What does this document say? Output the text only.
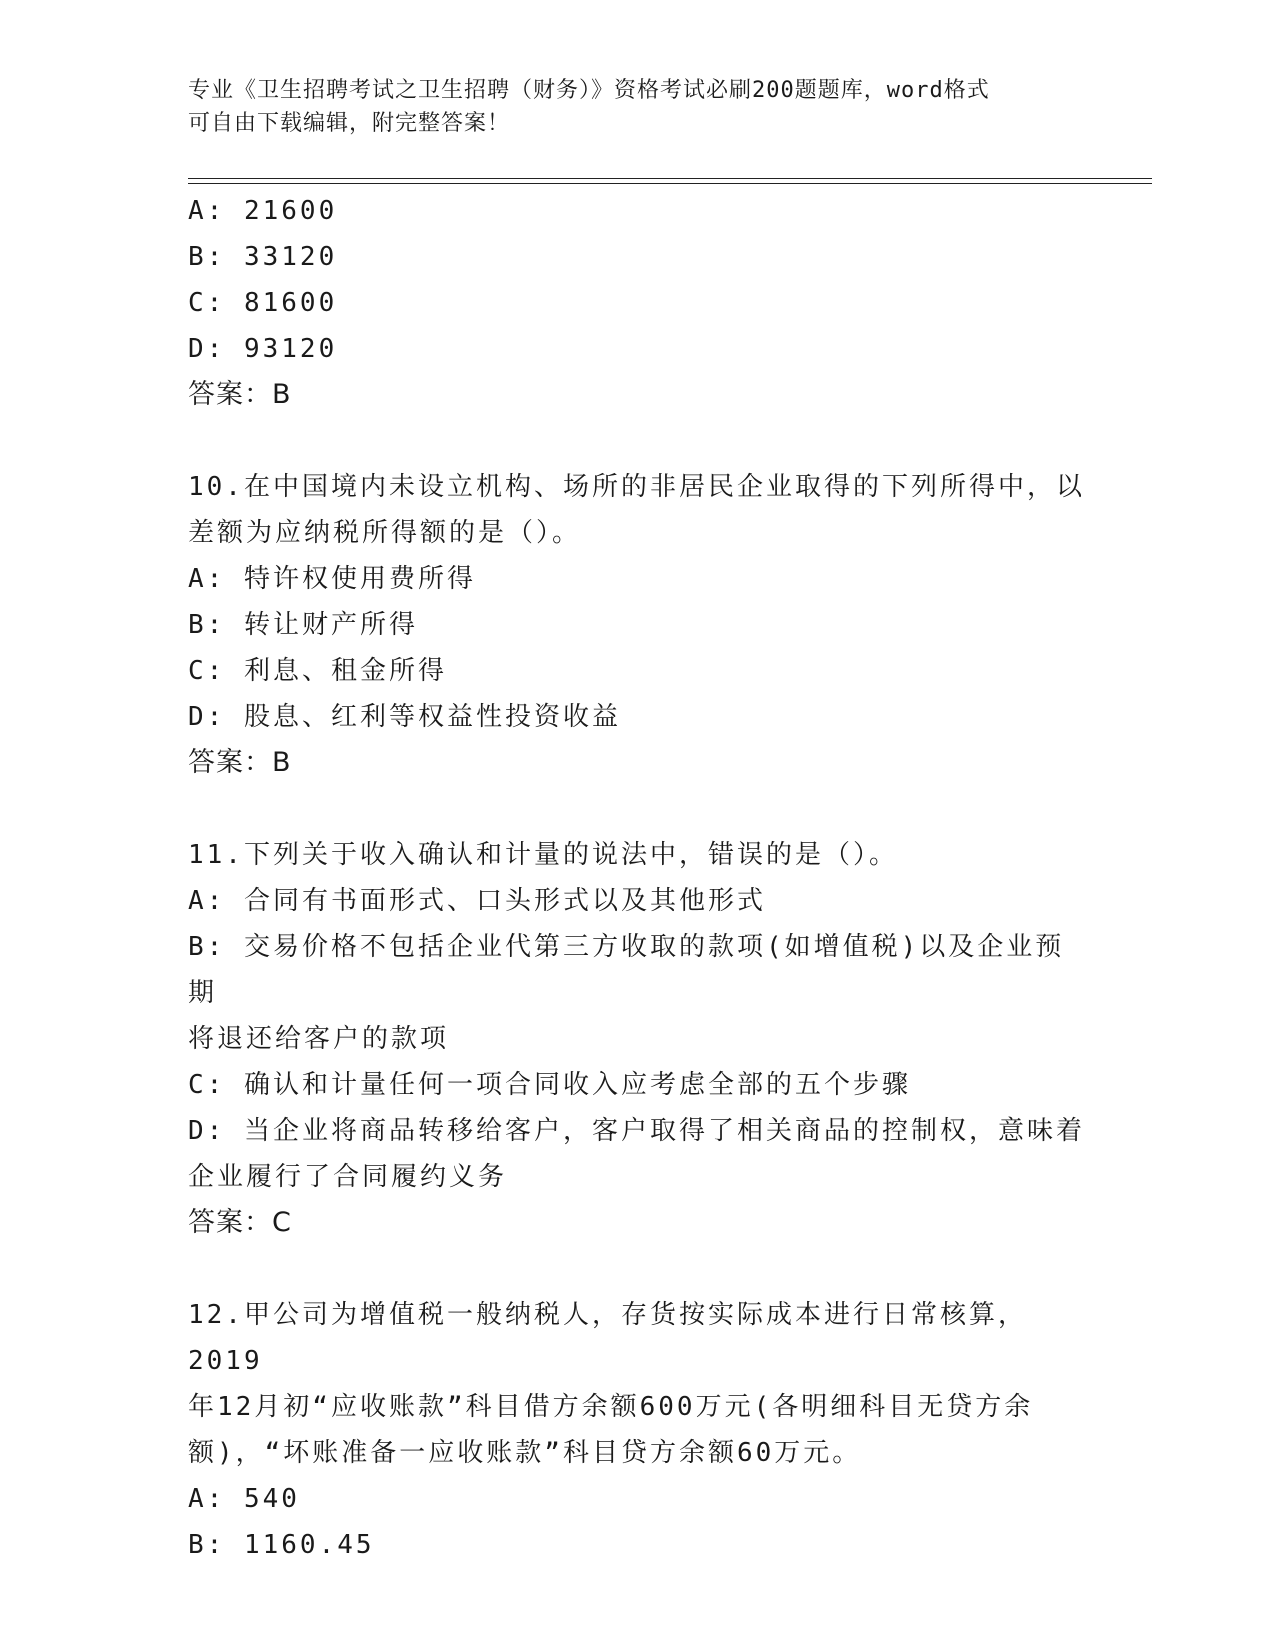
专业《卫生招聘考试之卫生招聘（财务）》资格考试必刷200题题库，word格式
可自由下载编辑，附完整答案！
A: 21600
B: 33120
C: 81600
D: 93120
答案：B
10.在中国境内未设立机构、场所的非居民企业取得的下列所得中，以
差额为应纳税所得额的是（）。
A: 特许权使用费所得
B: 转让财产所得
C: 利息、租金所得
D: 股息、红利等权益性投资收益
答案：B
11.下列关于收入确认和计量的说法中，错误的是（）。
A: 合同有书面形式、口头形式以及其他形式
B: 交易价格不包括企业代第三方收取的款项(如增值税)以及企业预期
将退还给客户的款项
C: 确认和计量任何一项合同收入应考虑全部的五个步骤
D: 当企业将商品转移给客户，客户取得了相关商品的控制权，意味着
企业履行了合同履约义务
答案：C
12.甲公司为增值税一般纳税人，存货按实际成本进行日常核算，2019
年12月初“应收账款”科目借方余额600万元(各明细科目无贷方余
额)，“坏账准备一应收账款”科目贷方余额60万元。
A: 540
B: 1160.45
